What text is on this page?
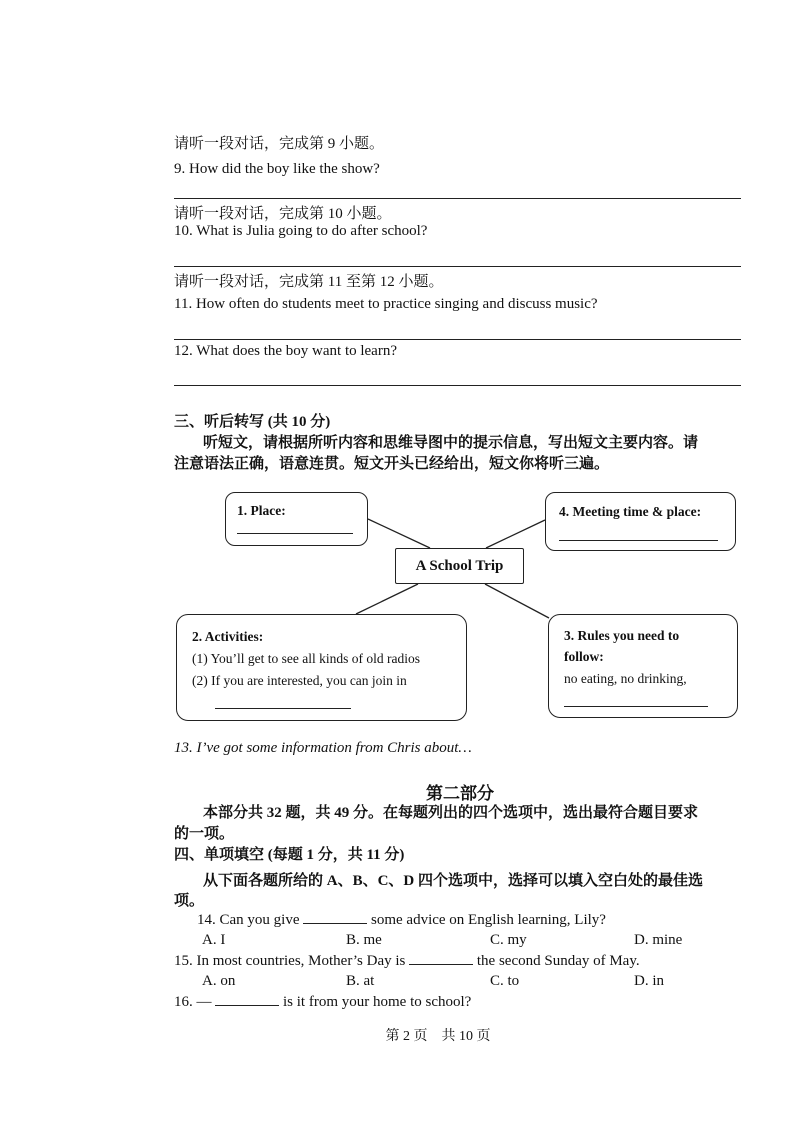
请听一段对话，完成第 9 小题。
9. How did the boy like the show?
请听一段对话，完成第 10 小题。
10. What is Julia going to do after school?
请听一段对话，完成第 11 至第 12 小题。
11. How often do students meet to practice singing and discuss music?
12. What does the boy want to learn?
三、听后转写 (共 10 分)
听短文，请根据所听内容和思维导图中的提示信息，写出短文主要内容。请
注意语法正确，语意连贯。短文开头已经给出，短文你将听三遍。
1. Place:	4. Meeting time & place:
A School Trip
2. Activities:
(1) You’ll get to see all kinds of old radios
(2) If you are interested, you can join in
3. Rules you need to
follow:
no eating, no drinking,
13. I’ve got some information from Chris about…
第二部分
本部分共 32 题，共 49 分。在每题列出的四个选项中，选出最符合题目要求
的一项。
四、单项填空 (每题 1 分，共 11 分)
从下面各题所给的 A、B、C、D 四个选项中，选择可以填入空白处的最佳选
项。
14. Can you give	some advice on English learning, Lily?
A. I	B. me	C. my	D. mine
15. In most countries, Mother’s Day is	the second Sunday of May.
A. on	B. at	C. to	D. in
16. —	is it from your home to school?
第 2 页　共 10 页
